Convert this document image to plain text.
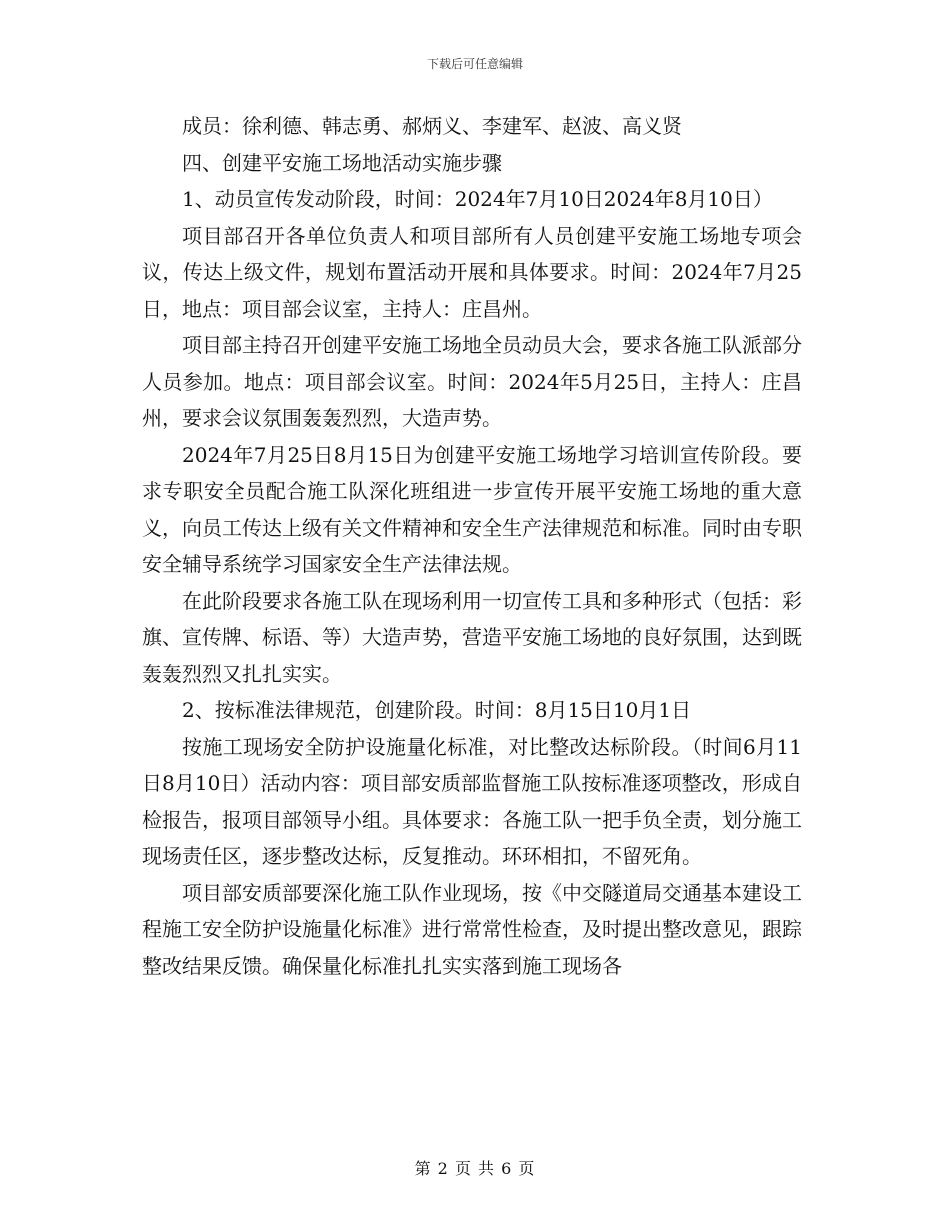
下载后可任意编辑

成员：徐利德、韩志勇、郝炳义、李建军、赵波、高义贤

四、创建平安施工场地活动实施步骤

1、动员宣传发动阶段，时间：2024年7月10日2024年8月10日）

项目部召开各单位负责人和项目部所有人员创建平安施工场地专项会议，传达上级文件，规划布置活动开展和具体要求。时间：2024年7月25日，地点：项目部会议室，主持人：庄昌州。

项目部主持召开创建平安施工场地全员动员大会，要求各施工队派部分人员参加。地点：项目部会议室。时间：2024年5月25日，主持人：庄昌州，要求会议氛围轰轰烈烈，大造声势。

2024年7月25日8月15日为创建平安施工场地学习培训宣传阶段。要求专职安全员配合施工队深化班组进一步宣传开展平安施工场地的重大意义，向员工传达上级有关文件精神和安全生产法律规范和标准。同时由专职安全辅导系统学习国家安全生产法律法规。

在此阶段要求各施工队在现场利用一切宣传工具和多种形式（包括：彩旗、宣传牌、标语、等）大造声势，营造平安施工场地的良好氛围，达到既轰轰烈烈又扎扎实实。

2、按标准法律规范，创建阶段。时间：8月15日10月1日

按施工现场安全防护设施量化标准，对比整改达标阶段。（时间6月11日8月10日）活动内容：项目部安质部监督施工队按标准逐项整改，形成自检报告，报项目部领导小组。具体要求：各施工队一把手负全责，划分施工现场责任区，逐步整改达标，反复推动。环环相扣，不留死角。

项目部安质部要深化施工队作业现场，按《中交隧道局交通基本建设工程施工安全防护设施量化标准》进行常常性检查，及时提出整改意见，跟踪整改结果反馈。确保量化标准扎扎实实落到施工现场各

第 2 页 共 6 页
